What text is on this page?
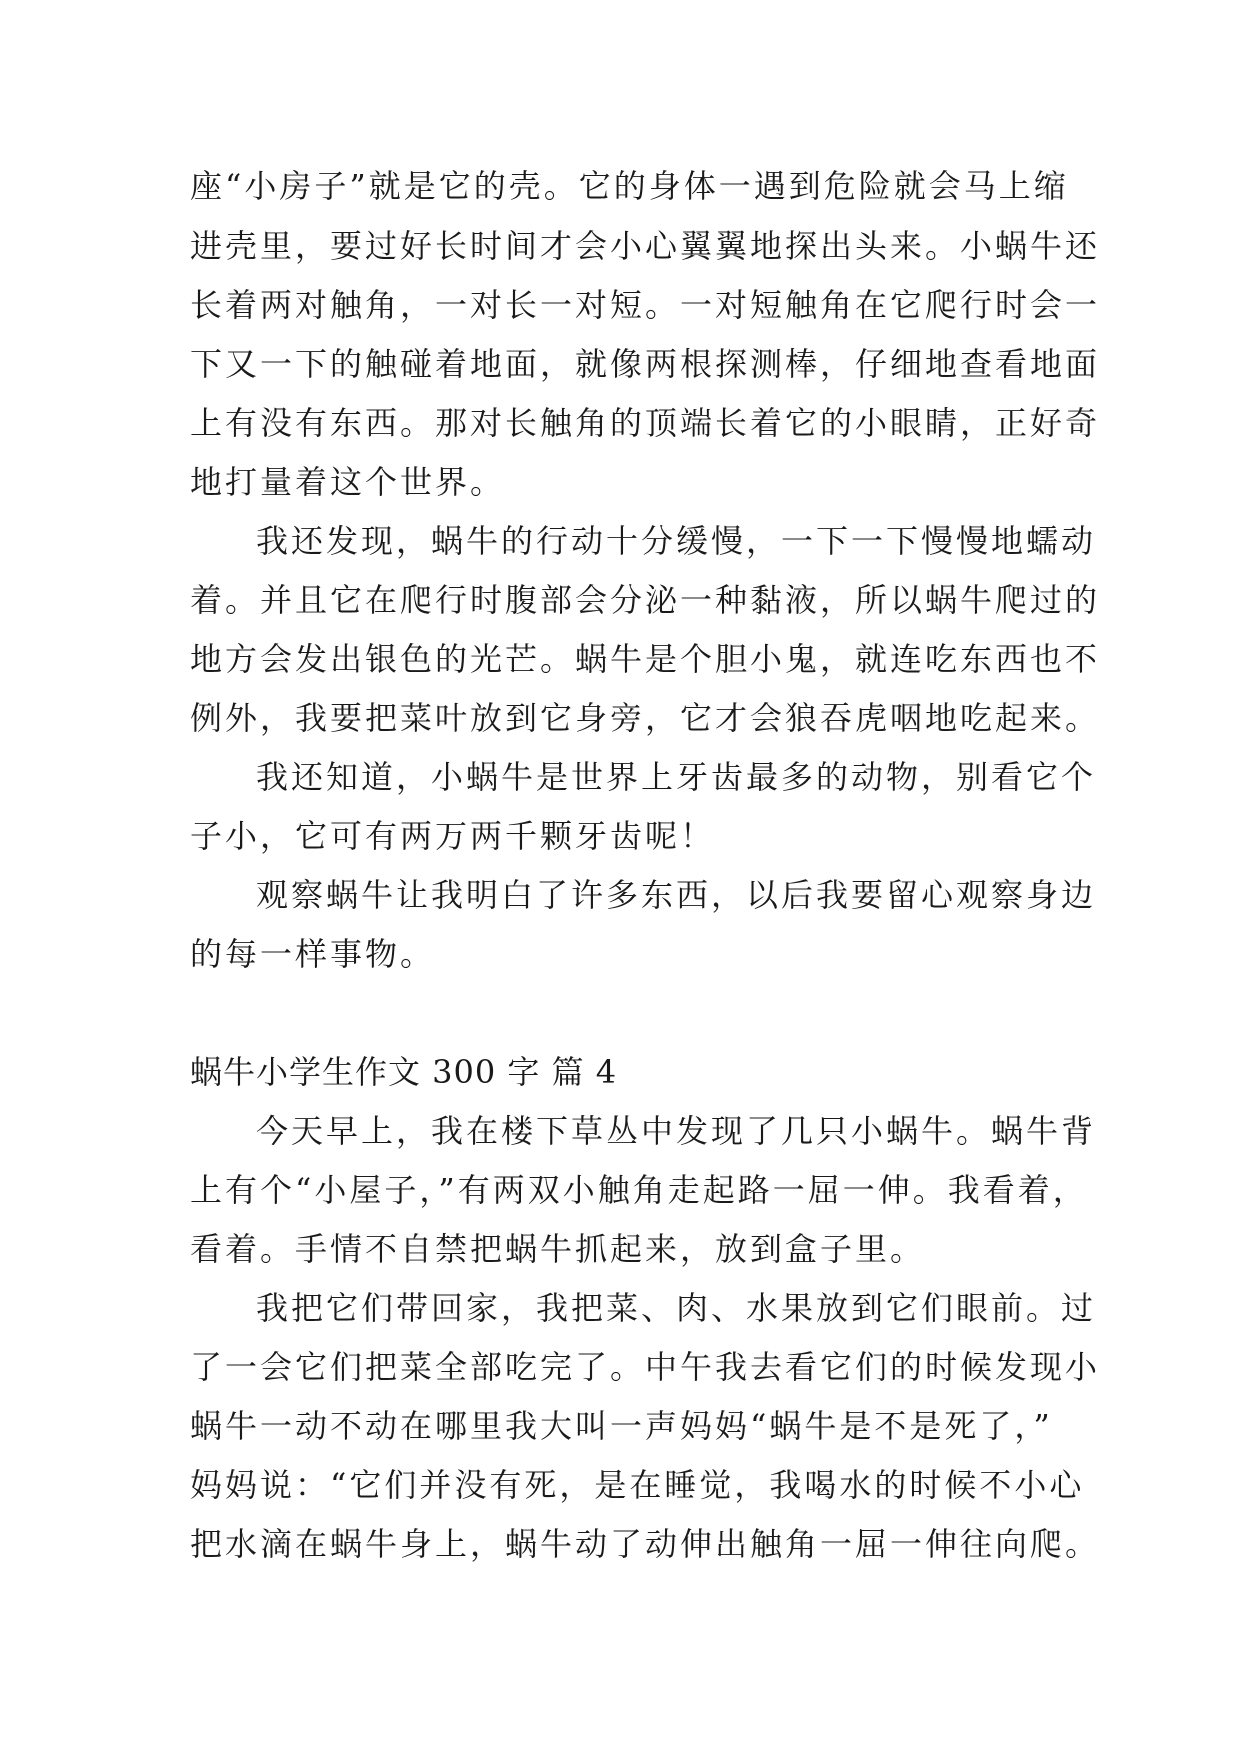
座“小房子”就是它的壳。它的身体一遇到危险就会马上缩
进壳里，要过好长时间才会小心翼翼地探出头来。小蜗牛还
长着两对触角，一对长一对短。一对短触角在它爬行时会一
下又一下的触碰着地面，就像两根探测棒，仔细地查看地面
上有没有东西。那对长触角的顶端长着它的小眼睛，正好奇
地打量着这个世界。
我还发现，蜗牛的行动十分缓慢，一下一下慢慢地蠕动
着。并且它在爬行时腹部会分泌一种黏液，所以蜗牛爬过的
地方会发出银色的光芒。蜗牛是个胆小鬼，就连吃东西也不
例外，我要把菜叶放到它身旁，它才会狼吞虎咽地吃起来。
我还知道，小蜗牛是世界上牙齿最多的动物，别看它个
子小，它可有两万两千颗牙齿呢！
观察蜗牛让我明白了许多东西，以后我要留心观察身边
的每一样事物。
蜗牛小学生作文 300 字 篇 4
今天早上，我在楼下草丛中发现了几只小蜗牛。蜗牛背
上有个“小屋子，”有两双小触角走起路一屈一伸。我看着，
看着。手情不自禁把蜗牛抓起来，放到盒子里。
我把它们带回家，我把菜、肉、水果放到它们眼前。过
了一会它们把菜全部吃完了。中午我去看它们的时候发现小
蜗牛一动不动在哪里我大叫一声妈妈“蜗牛是不是死了，”
妈妈说：“它们并没有死，是在睡觉，我喝水的时候不小心
把水滴在蜗牛身上，蜗牛动了动伸出触角一屈一伸往向爬。
